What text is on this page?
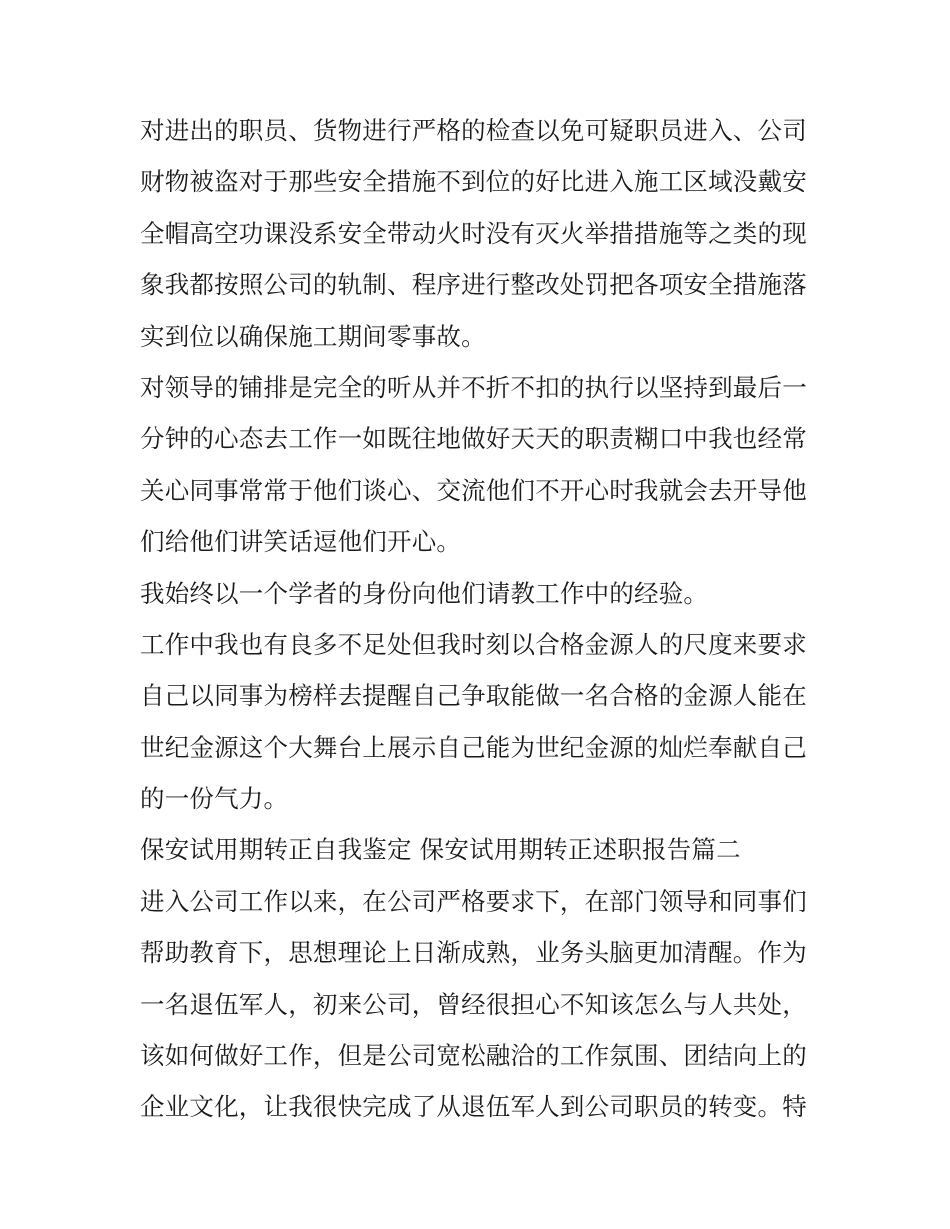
对进出的职员、货物进行严格的检查以免可疑职员进入、公司

财物被盗对于那些安全措施不到位的好比进入施工区域没戴安

全帽高空功课没系安全带动火时没有灭火举措措施等之类的现

象我都按照公司的轨制、程序进行整改处罚把各项安全措施落

实到位以确保施工期间零事故。

对领导的铺排是完全的听从并不折不扣的执行以坚持到最后一

分钟的心态去工作一如既往地做好天天的职责糊口中我也经常

关心同事常常于他们谈心、交流他们不开心时我就会去开导他

们给他们讲笑话逗他们开心。

我始终以一个学者的身份向他们请教工作中的经验。

工作中我也有良多不足处但我时刻以合格金源人的尺度来要求

自己以同事为榜样去提醒自己争取能做一名合格的金源人能在

世纪金源这个大舞台上展示自己能为世纪金源的灿烂奉献自己

的一份气力。

保安试用期转正自我鉴定 保安试用期转正述职报告篇二

进入公司工作以来，在公司严格要求下，在部门领导和同事们

帮助教育下，思想理论上日渐成熟，业务头脑更加清醒。作为

一名退伍军人，初来公司，曾经很担心不知该怎么与人共处，

该如何做好工作，但是公司宽松融洽的工作氛围、团结向上的

企业文化，让我很快完成了从退伍军人到公司职员的转变。特
